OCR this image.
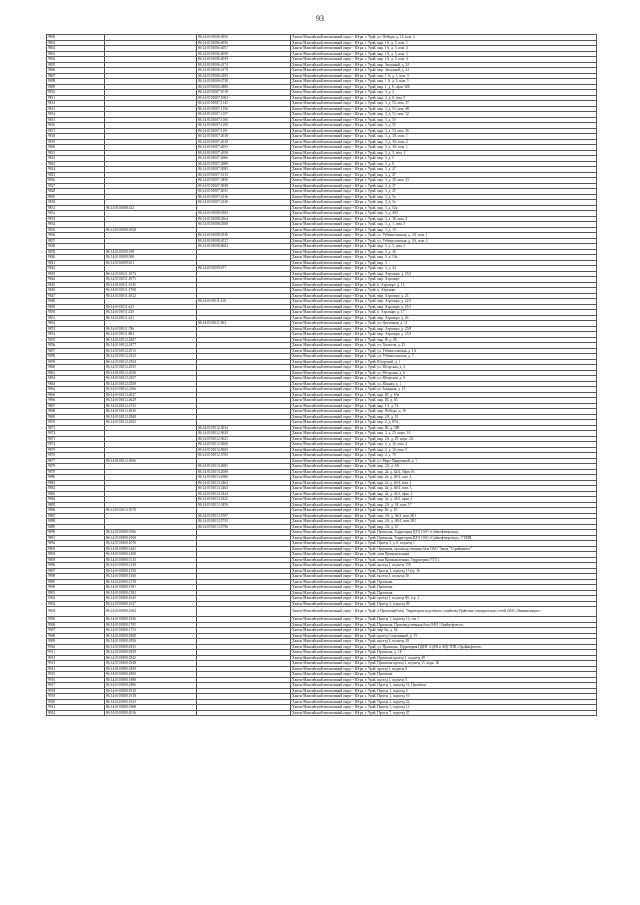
93
9800		86:14:0101006:3656	Ханты-Мансийский автономный округ - Югра, г. Урай, ул. Победы, д. 14, пом. 3
9801		86:14:0101006:4056	Ханты-Мансийский автономный округ - Югра, г. Урай, мкр. 1А, д. 5, пом. 1
9802		86:14:0101006:4057	Ханты-Мансийский автономный округ - Югра, г. Урай, мкр. 1А, д. 5, пом. 2
9803		86:14:0101006:4058	Ханты-Мансийский автономный округ - Югра, г. Урай, мкр. 1А, д. 5, пом. 3
9804		86:14:0101006:4059	Ханты-Мансийский автономный округ - Югра, г. Урай, мкр. 1А, д. 5, пом. 4
9805		86:14:0101006:4174	Ханты-Мансийский автономный округ - Югра, г. Урай, мкр. Западный, д. 24
9806		86:14:0101006:4179	Ханты-Мансийский автономный округ - Югра, г. Урай, мкр. Западный, д. 24
9807		86:14:0101006:4283	Ханты-Мансийский автономный округ - Югра, г. Урай, мкр. 1 А, д. 1, пом. 3
9808		86:14:0101006:4738	Ханты-Мансийский автономный округ - Югра, г. Урай, мкр. 1 А, д. 5, пом. 5
9809		86:14:0101006:4880	Ханты-Мансийский автономный округ - Югра, г. Урай, мкр. 1, д. 6, офис 306
9810		86:14:0101007:1018	Ханты-Мансийский автономный округ - Югра, г. Урай, мкр. 3, д. 2
9811		86:14:0101007:1062	Ханты-Мансийский автономный округ - Югра, г. Урай, мкр. 3, д. 8, пом. 5
9812		86:14:0101007:1145	Ханты-Мансийский автономный округ - Югра, г. Урай, мкр. 3, д. 53, пом. 37
9813		86:14:0101007:1156	Ханты-Мансийский автономный округ - Югра, г. Урай, мкр. 3, д. 53, пом. 48
9814		86:14:0101007:1157	Ханты-Мансийский автономный округ - Югра, г. Урай, мкр. 3, д. 53, пом. 52
9815		86:14:0101007:1166	Ханты-Мансийский автономный округ - Югра, г. Урай, мкр. 3, д. 55
9816		86:14:0101007:1190	Ханты-Мансийский автономный округ - Югра, г. Урай, мкр. 3, д. 55
9817		86:14:0101007:1191	Ханты-Мансийский автономный округ - Югра, г. Урай, мкр. 3, д. 53, пом. 36
9818		86:14:0101007:2618	Ханты-Мансийский автономный округ - Югра, г. Урай, мкр. 3, д. 3А, пом. 1
9819		86:14:0101007:2619	Ханты-Мансийский автономный округ - Югра, г. Урай, мкр. 3, д. 3А, пом. 2
9820		86:14:0101007:2655	Ханты-Мансийский автономный округ - Югра, г. Урай, мкр. 3, д. 3А, пом. 1
9821		86:14:0101007:2658	Ханты-Мансийский автономный округ - Югра, г. Урай, мкр. 3, д. 3, пом. 2
9822		86:14:0101007:2666	Ханты-Мансийский автономный округ - Югра, г. Урай, мкр. 3, д. 5
9823		86:14:0101007:2680	Ханты-Мансийский автономный округ - Югра, г. Урай, мкр. 3, д. 8
9824		86:14:0101007:3083	Ханты-Мансийский автономный округ - Югра, г. Урай, мкр. 3, д. 47
9825		86:14:0101007:3115	Ханты-Мансийский автономный округ - Югра, г. Урай, мкр. 3, д. 47
9826		86:14:0101007:3856	Ханты-Мансийский автономный округ - Югра, г. Урай, мкр. 3, д. 28, пом. 33
9827		86:14:0101007:3958	Ханты-Мансийский автономный округ - Югра, г. Урай, мкр. 3, д. 37
9828		86:14:0101007:4021	Ханты-Мансийский автономный округ - Югра, г. Урай, мкр. 3, д. 45
9829		86:14:0101007:4136	Ханты-Мансийский автономный округ - Югра, г. Урай, мкр. 3, д. 5а
9830		86:14:0101007:4140	Ханты-Мансийский автономный округ - Югра, г. Урай, мкр. 3, д. 5а
9831	86:14:0101008:425		Ханты-Мансийский автономный округ - Югра, г. Урай, мкр. 3, д. 52а
9832		86:14:0101008:4363	Ханты-Мансийский автономный округ - Югра, г. Урай, мкр. 3, д. 40/1
9833		86:14:0101008:4364	Ханты-Мансийский автономный округ - Югра, г. Урай, мкр. 3, д. 38, пом. 4
9834		86:14:0101008:4508	Ханты-Мансийский автономный округ - Югра, г. Урай, мкр. 3, д. 1, пом. 5
9835	86:14:0101008:4538		Ханты-Мансийский автономный округ - Югра, г. Урай, мкр. 3, д. 19
9836		86:14:0101008:4536	Ханты-Мансийский автономный округ - Югра, г. Урай, ул. Узбекистанская, д. 2А, пом. 1
9837		86:14:0101008:4537	Ханты-Мансийский автономный округ - Югра, г. Урай, ул. Узбекистанская, д. 2А, пом. 2
9838		86:14:0101008:6602	Ханты-Мансийский автономный округ - Югра, г. Урай, мкр. 3, д. 3, пом. 3
9839	86:14:0101009:198		Ханты-Мансийский автономный округ - Югра, г. Урай, мкр. 3, д. 16
9840	86:14:0101009:560		Ханты-Мансийский автономный округ - Югра, г. Урай, мкр. 3, д. 54а
9841	86:14:0101009:611		Ханты-Мансийский автономный округ - Югра, г. Урай, мкр. 3
9842		86:14:0101009:677	Ханты-Мансийский автономный округ - Югра, г. Урай, мкр. 3, д. 44
9843	86:14:0101011:1074		Ханты-Мансийский автономный округ - Югра, г. Урай, мкр. Аэропорт, д. 23/2
9844	86:14:0101011:1075		Ханты-Мансийский автономный округ - Югра, г. Урай, мкр. Аэропорт
9845	86:14:0101011:1545		Ханты-Мансийский автономный округ - Югра, г. Урай, п. Аэропорт, д. 15
9846	86:14:0101011:1768		Ханты-Мансийский автономный округ - Югра, г. Урай, п. Аэропорт
9847	86:14:0101011:1812		Ханты-Мансийский автономный округ - Югра, г. Урай, мкр. Аэропорт, д. 23
9848		86:14:0101011:418	Ханты-Мансийский автономный округ - Югра, г. Урай, мкр. Аэропорт, д. 22/3
9849	86:14:0101011:425		Ханты-Мансийский автономный округ - Югра, г. Урай, мкр. Аэропорт, д. 23/1
9850	86:14:0101011:430		Ханты-Мансийский автономный округ - Югра, г. Урай, п. Аэропорт, д. 17
9851	86:14:0101011:431		Ханты-Мансийский автономный округ - Югра, г. Урай, мкр. Аэропорт, д. 26
9852		86:14:0101011:502	Ханты-Мансийский автономный округ - Югра, г. Урай, ул. Цветочная, д. 11
9853	86:14:0101011:796		Ханты-Мансийский автономный округ - Югра, г. Урай, мкр. Аэропорт, д. 25/8
9854	86:14:0101011:882		Ханты-Мансийский автономный округ - Югра, г. Урай, мкр. Аэропорт, д. 23/3
9855	86:14:0101012:2307		Ханты-Мансийский автономный округ - Югра, г. Урай, мкр. Н, д. 28
9856	86:14:0101012:2477		Ханты-Мансийский автономный округ - Югра, г. Урай, ул. Геологов, д. 25
9857	86:14:0101012:2513		Ханты-Мансийский автономный округ - Югра, г. Урай, ул. Узбекистанская, д. 1А
9858	86:14:0101012:2543		Ханты-Мансийский автономный округ - Югра, г. Урай, ул. Узбекистанская, д. 7
9859	86:14:0101012:2554		Ханты-Мансийский автономный округ - Югра, г. Урай, Югорский, д. 1
9860	86:14:0101012:2555		Ханты-Мансийский автономный округ - Югра, г. Урай, ул. Югорская, д. 4
9861	86:14:0101012:2556		Ханты-Мансийский автономный округ - Югра, г. Урай, ул. Югорская, д. 6
9862	86:14:0101012:2557		Ханты-Мансийский автономный округ - Югра, г. Урай, ул. Югорская, д. 8
9863	86:14:0101012:2558		Ханты-Мансийский автономный округ - Югра, г. Урай, ул. Южная, д. 1
9864	86:14:0101012:2566		Ханты-Мансийский автономный округ - Югра, г. Урай, ул. Западная, д. 19
9865	86:14:0101012:2627		Ханты-Мансийский автономный округ - Югра, г. Урай, мкр. Ш, д. 65а
9866	86:14:0101012:2629		Ханты-Мансийский автономный округ - Югра, г. Урай, мкр. Ш, д. 65
9867	86:14:0101012:2752		Ханты-Мансийский автономный округ - Югра, г. Урай, мкр. 1А, д. 74
9868	86:14:0101012:2810		Ханты-Мансийский автономный округ - Югра, г. Урай, мкр. Победы, д. 10
9869	86:14:0101012:2868		Ханты-Мансийский автономный округ - Югра, г. Урай, мкр. 2А, д. 10
9870	86:14:0101012:2943		Ханты-Мансийский автономный округ - Югра, г. Урай, мкр. 2, д. 85А
9871		86:14:0101012:3054	Ханты-Мансийский автономный округ - Югра, г. Урай, мкр. Ш, д. 589
9872		86:14:0101012:3620	Ханты-Мансийский автономный округ - Югра, г. Урай, мкр. 2, д. 25, корп. 1А
9873		86:14:0101012:3621	Ханты-Мансийский автономный округ - Югра, г. Урай, мкр. 2А, д. 25, корп. 2А
9874		86:14:0101012:3668	Ханты-Мансийский автономный округ - Югра, г. Урай, мкр. 2, д. 16, пом. 4
9875		86:14:0101012:3669	Ханты-Мансийский автономный округ - Югра, г. Урай, мкр. 2, д. 16, пом. 5
9876		86:14:0101012:3783	Ханты-Мансийский автономный округ - Югра, г. Урай, мкр. 2, д. 76
9877	86:14:0101012:4566		Ханты-Мансийский автономный округ - Югра, г. Урай, ул. Морс-Приречный, д. 1
9878		86:14:0101013:2081	Ханты-Мансийский автономный округ - Югра, г. Урай, мкр. 2А, д. 4А
9879		86:14:0101013:2080	Ханты-Мансийский автономный округ - Югра, г. Урай, мкр. 2а, д. 42/4, Офис 81
9880		86:14:0101013:2086	Ханты-Мансийский автономный округ - Югра, г. Урай, мкр. 2а, д. 40/4, пом. 4
9881		86:14:0101013:2462	Ханты-Мансийский автономный округ - Югра, г. Урай, мкр. 2а, д. 40/4, пом. 2
9882		86:14:0101013:2463	Ханты-Мансийский автономный округ - Югра, г. Урай, мкр. 2а, д. 40/4, пом. 3
9883		86:14:0101013:3324	Ханты-Мансийский автономный округ - Югра, г. Урай, мкр. 2а, д. 43/2, офис 1
9884		86:14:0101013:3325	Ханты-Мансийский автономный округ - Югра, г. Урай, мкр. 2а, д. 43/2, офис 2
9885		86:14:0101013:3456	Ханты-Мансийский автономный округ - Югра, г. Урай, мкр. 2А, д. 18, пом. 17
9886	86:14:0101013:5570		Ханты-Мансийский автономный округ - Югра, г. Урай, мкр. Ш, д. 87
9887		86:14:0101013:5707	Ханты-Мансийский автономный округ - Югра, г. Урай, мкр. 2А, д. 40/4, пом. 001
9888		86:14:0101013:5732	Ханты-Мансийский автономный округ - Югра, г. Урай, мкр. 2А, д. 40/4, пом. 001
9889		86:14:0101013:5796	Ханты-Мансийский автономный округ - Югра, г. Урай, мкр. 2А, д. 10
9890	86:14:0101800:1066		Ханты-Мансийский автономный округ - Югра, г. Урай, Промзона, Территория ЦТО ОАО «Сибнефтепровод»
9891	86:14:0101800:1068		Ханты-Мансийский автономный округ - Югра, г. Урай, Промзона, Территория ЦТО ОАО «Сибнефтепровод», УТМН
9892	86:14:0101800:1076		Ханты-Мансийский автономный округ - Югра, г. Урай, Проезд 3, д. 6, подъезд 1
9893	86:14:0101800:1401		Ханты-Мансийский автономный округ - Югра, г. Урай, Промзона, производственная база ОАО "Завод "Стройинвест"
9894	86:14:0101800:1408		Ханты-Мансийский автономный округ - Югра, г. Урай, зона Промышленная
9895	86:14:0101800:1515		Ханты-Мансийский автономный округ - Югра, г. Урай, зона Промышленная, Территория УТТ-2
9896	86:14:0101800:1529		Ханты-Мансийский автономный округ - Югра, г. Урай, проезд 1, подъезд 15б
9897	86:14:0101800:1550		Ханты-Мансийский автономный округ - Югра, г. Урай, Проезд 1, подъезд 15 (а), 16
9898	86:14:0101800:1560		Ханты-Мансийский автономный округ - Югра, г. Урай, проезд 3, подъезд 30
9899	86:14:0101800:1578		Ханты-Мансийский автономный округ - Югра, г. Урай, Промзона
9900	86:14:0101800:1581		Ханты-Мансийский автономный округ - Югра, г. Урай, Промзона
9901	86:14:0101800:1582		Ханты-Мансийский автономный округ - Югра, г. Урай, Промзона
9902	86:14:0101800:1645		Ханты-Мансийский автономный округ - Югра, г. Урай, проезд 1, подъезд 8б, стр. 2
9903	86:14:0101800:1657		Ханты-Мансийский автономный округ - Югра, г. Урай, Проезд 3, подъезд 49
9904	86:14:0101800:1694		Ханты-Мансийский автономный округ - Югра, г. Урай, п.Промзона(база), Территория подсобного хозяйства Урайских электрических сетей ОАО «Тюменьэнерго»
9905	86:14:0101800:1696		Ханты-Мансийский автономный округ - Югра, г. Урай, Проезд 1, подъезд 13, стр 1
9906	86:14:0101800:1705		Ханты-Мансийский автономный округ - Югра, г. Урай, Промзона, Производственная база ОАО «Урайнефтегаз»
9907	86:14:0101800:1753		Ханты-Мансийский автономный округ - Югра, г. Урай, мкр Ли, д. 54
9908	86:14:0101800:1808		Ханты-Мансийский автономный округ - Югра, г. Урай, проезд Спортивный, д. 13
9909	86:14:0101800:1856		Ханты-Мансийский автономный округ - Югра, г. Урай, проезд 3, подъезд 29
9910	86:14:0101800:1833		Ханты-Мансийский автономный округ - Югра, г. Урай, ул. Промзона, Территория ЦДНГ-4 (ЛИ и АП) ТПП «Урайнефтегаз»
9911	86:14:0101800:1839		Ханты-Мансийский автономный округ - Югра, г. Урай, Промзона, д. 1Б
9912	86:14:0101800:1842		Ханты-Мансийский автономный округ - Югра, г. Урай, Промзона проезд 1, подъезд 49
9913	86:14:0101800:1848		Ханты-Мансийский автономный округ - Югра, г. Урай, Промзона проезд 1, подъезд 15, корп. 1Б
9914	86:14:0101800:1850		Ханты-Мансийский автономный округ - Югра, г. Урай, проезд 3, подъезд 8
9915	86:14:0101800:1860		Ханты-Мансийский автономный округ - Югра, г. Урай, Промзона
9916	86:14:0101800:1888		Ханты-Мансийский автономный округ - Югра, г. Урай, проезд 1, подъезд 5
9917	86:14:0101800:1896		Ханты-Мансийский автономный округ - Югра, г. Урай, Проезд 1, подъезд 13, Промбаза
9918	86:14:0101800:1910		Ханты-Мансийский автономный округ - Югра, г. Урай, Проезд 1, подъезд 2
9919	86:14:0101800:1918		Ханты-Мансийский автономный округ - Югра, г. Урай, Проезд 1, подъезд 10
9920	86:14:0101800:1923		Ханты-Мансийский автономный округ - Югра, г. Урай, Проезд 3, подъезд 22
9921	86:14:0101800:1968		Ханты-Мансийский автономный округ - Югра, г. Урай, Проезд 1, подъезд 12
9922	86:14:0101800:2016		Ханты-Мансийский автономный округ - Югра, г. Урай, Проезд 7, подъезд 47
